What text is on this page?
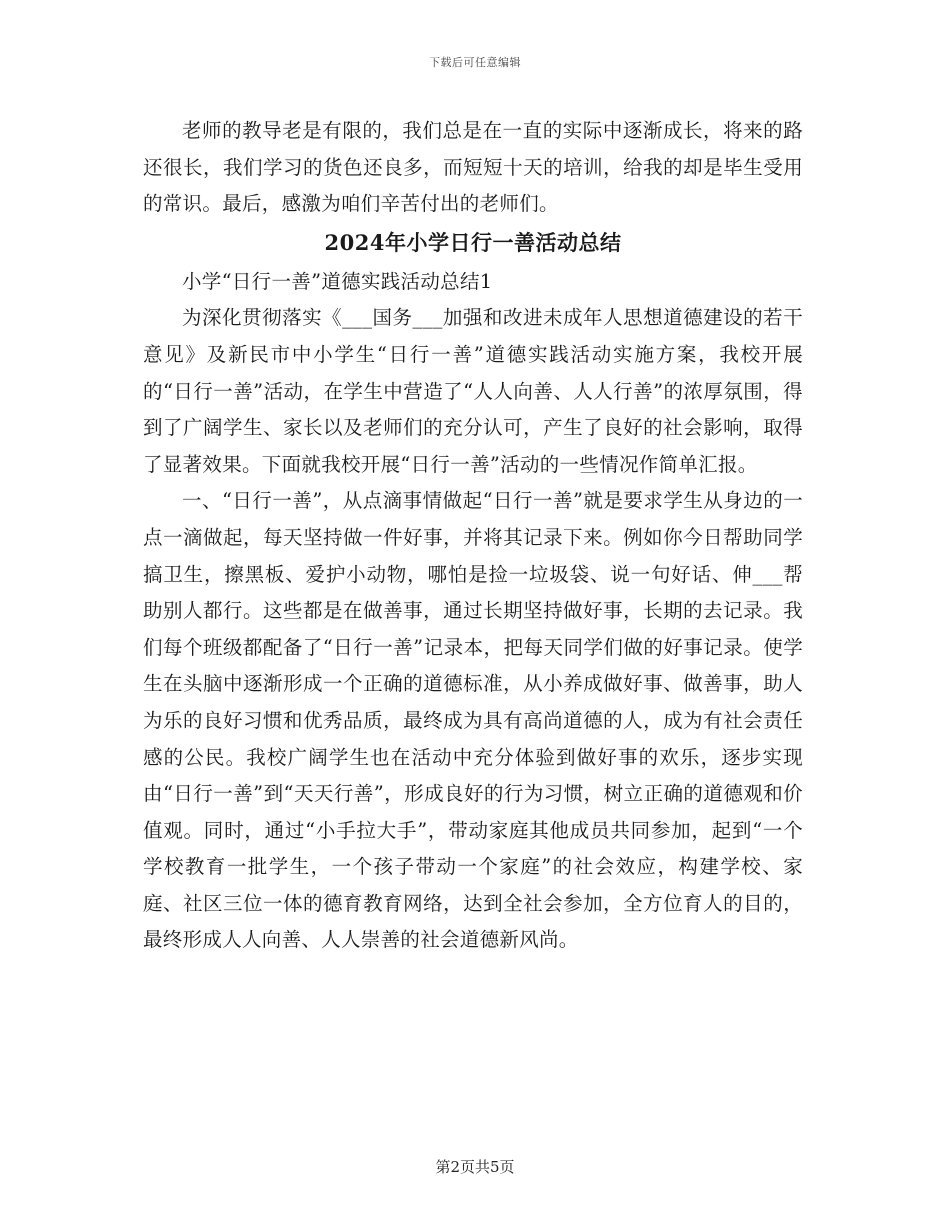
下载后可任意编辑

老师的教导老是有限的，我们总是在一直的实际中逐渐成长，将来的路还很长，我们学习的货色还良多，而短短十天的培训，给我的却是毕生受用的常识。最后，感激为咱们辛苦付出的老师们。

2024年小学日行一善活动总结

小学“日行一善”道德实践活动总结1

为深化贯彻落实《___国务___加强和改进未成年人思想道德建设的若干意见》及新民市中小学生“日行一善”道德实践活动实施方案，我校开展的“日行一善”活动，在学生中营造了“人人向善、人人行善”的浓厚氛围，得到了广阔学生、家长以及老师们的充分认可，产生了良好的社会影响，取得了显著效果。下面就我校开展“日行一善”活动的一些情况作简单汇报。

一、“日行一善”，从点滴事情做起“日行一善”就是要求学生从身边的一点一滴做起，每天坚持做一件好事，并将其记录下来。例如你今日帮助同学搞卫生，擦黑板、爱护小动物，哪怕是捡一垃圾袋、说一句好话、伸___帮助别人都行。这些都是在做善事，通过长期坚持做好事，长期的去记录。我们每个班级都配备了“日行一善”记录本，把每天同学们做的好事记录。使学生在头脑中逐渐形成一个正确的道德标准，从小养成做好事、做善事，助人为乐的良好习惯和优秀品质，最终成为具有高尚道德的人，成为有社会责任感的公民。我校广阔学生也在活动中充分体验到做好事的欢乐，逐步实现由“日行一善”到“天天行善”，形成良好的行为习惯，树立正确的道德观和价值观。同时，通过“小手拉大手”，带动家庭其他成员共同参加，起到“一个学校教育一批学生，一个孩子带动一个家庭”的社会效应，构建学校、家庭、社区三位一体的德育教育网络，达到全社会参加，全方位育人的目的，最终形成人人向善、人人崇善的社会道德新风尚。

第2页共5页
